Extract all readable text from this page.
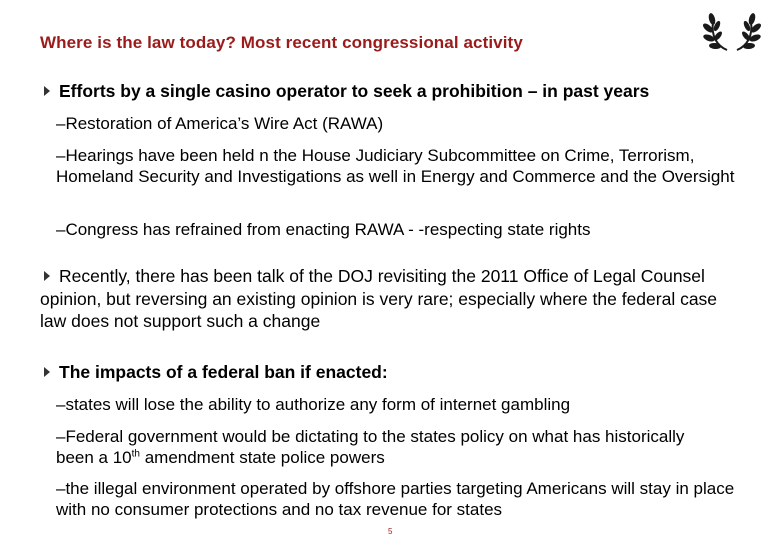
Where is the law today? Most recent congressional activity
Efforts by a single casino operator to seek a prohibition – in past years
–Restoration of America’s Wire Act (RAWA)
–Hearings have been held n the House Judiciary Subcommittee on Crime, Terrorism, Homeland Security and Investigations as well in Energy and Commerce and the Oversight
–Congress has refrained from enacting RAWA - -respecting state rights
Recently, there has been talk of the DOJ revisiting the 2011 Office of Legal Counsel opinion, but reversing an existing opinion is very rare; especially where the federal case law does not support such a change
The impacts of a federal ban if enacted:
–states will lose the ability to authorize any form of internet gambling
–Federal government would be dictating to the states policy on what has historically been a 10th amendment state police powers
–the illegal environment operated by offshore parties targeting Americans will stay in place with no consumer protections and no tax revenue for states
5
